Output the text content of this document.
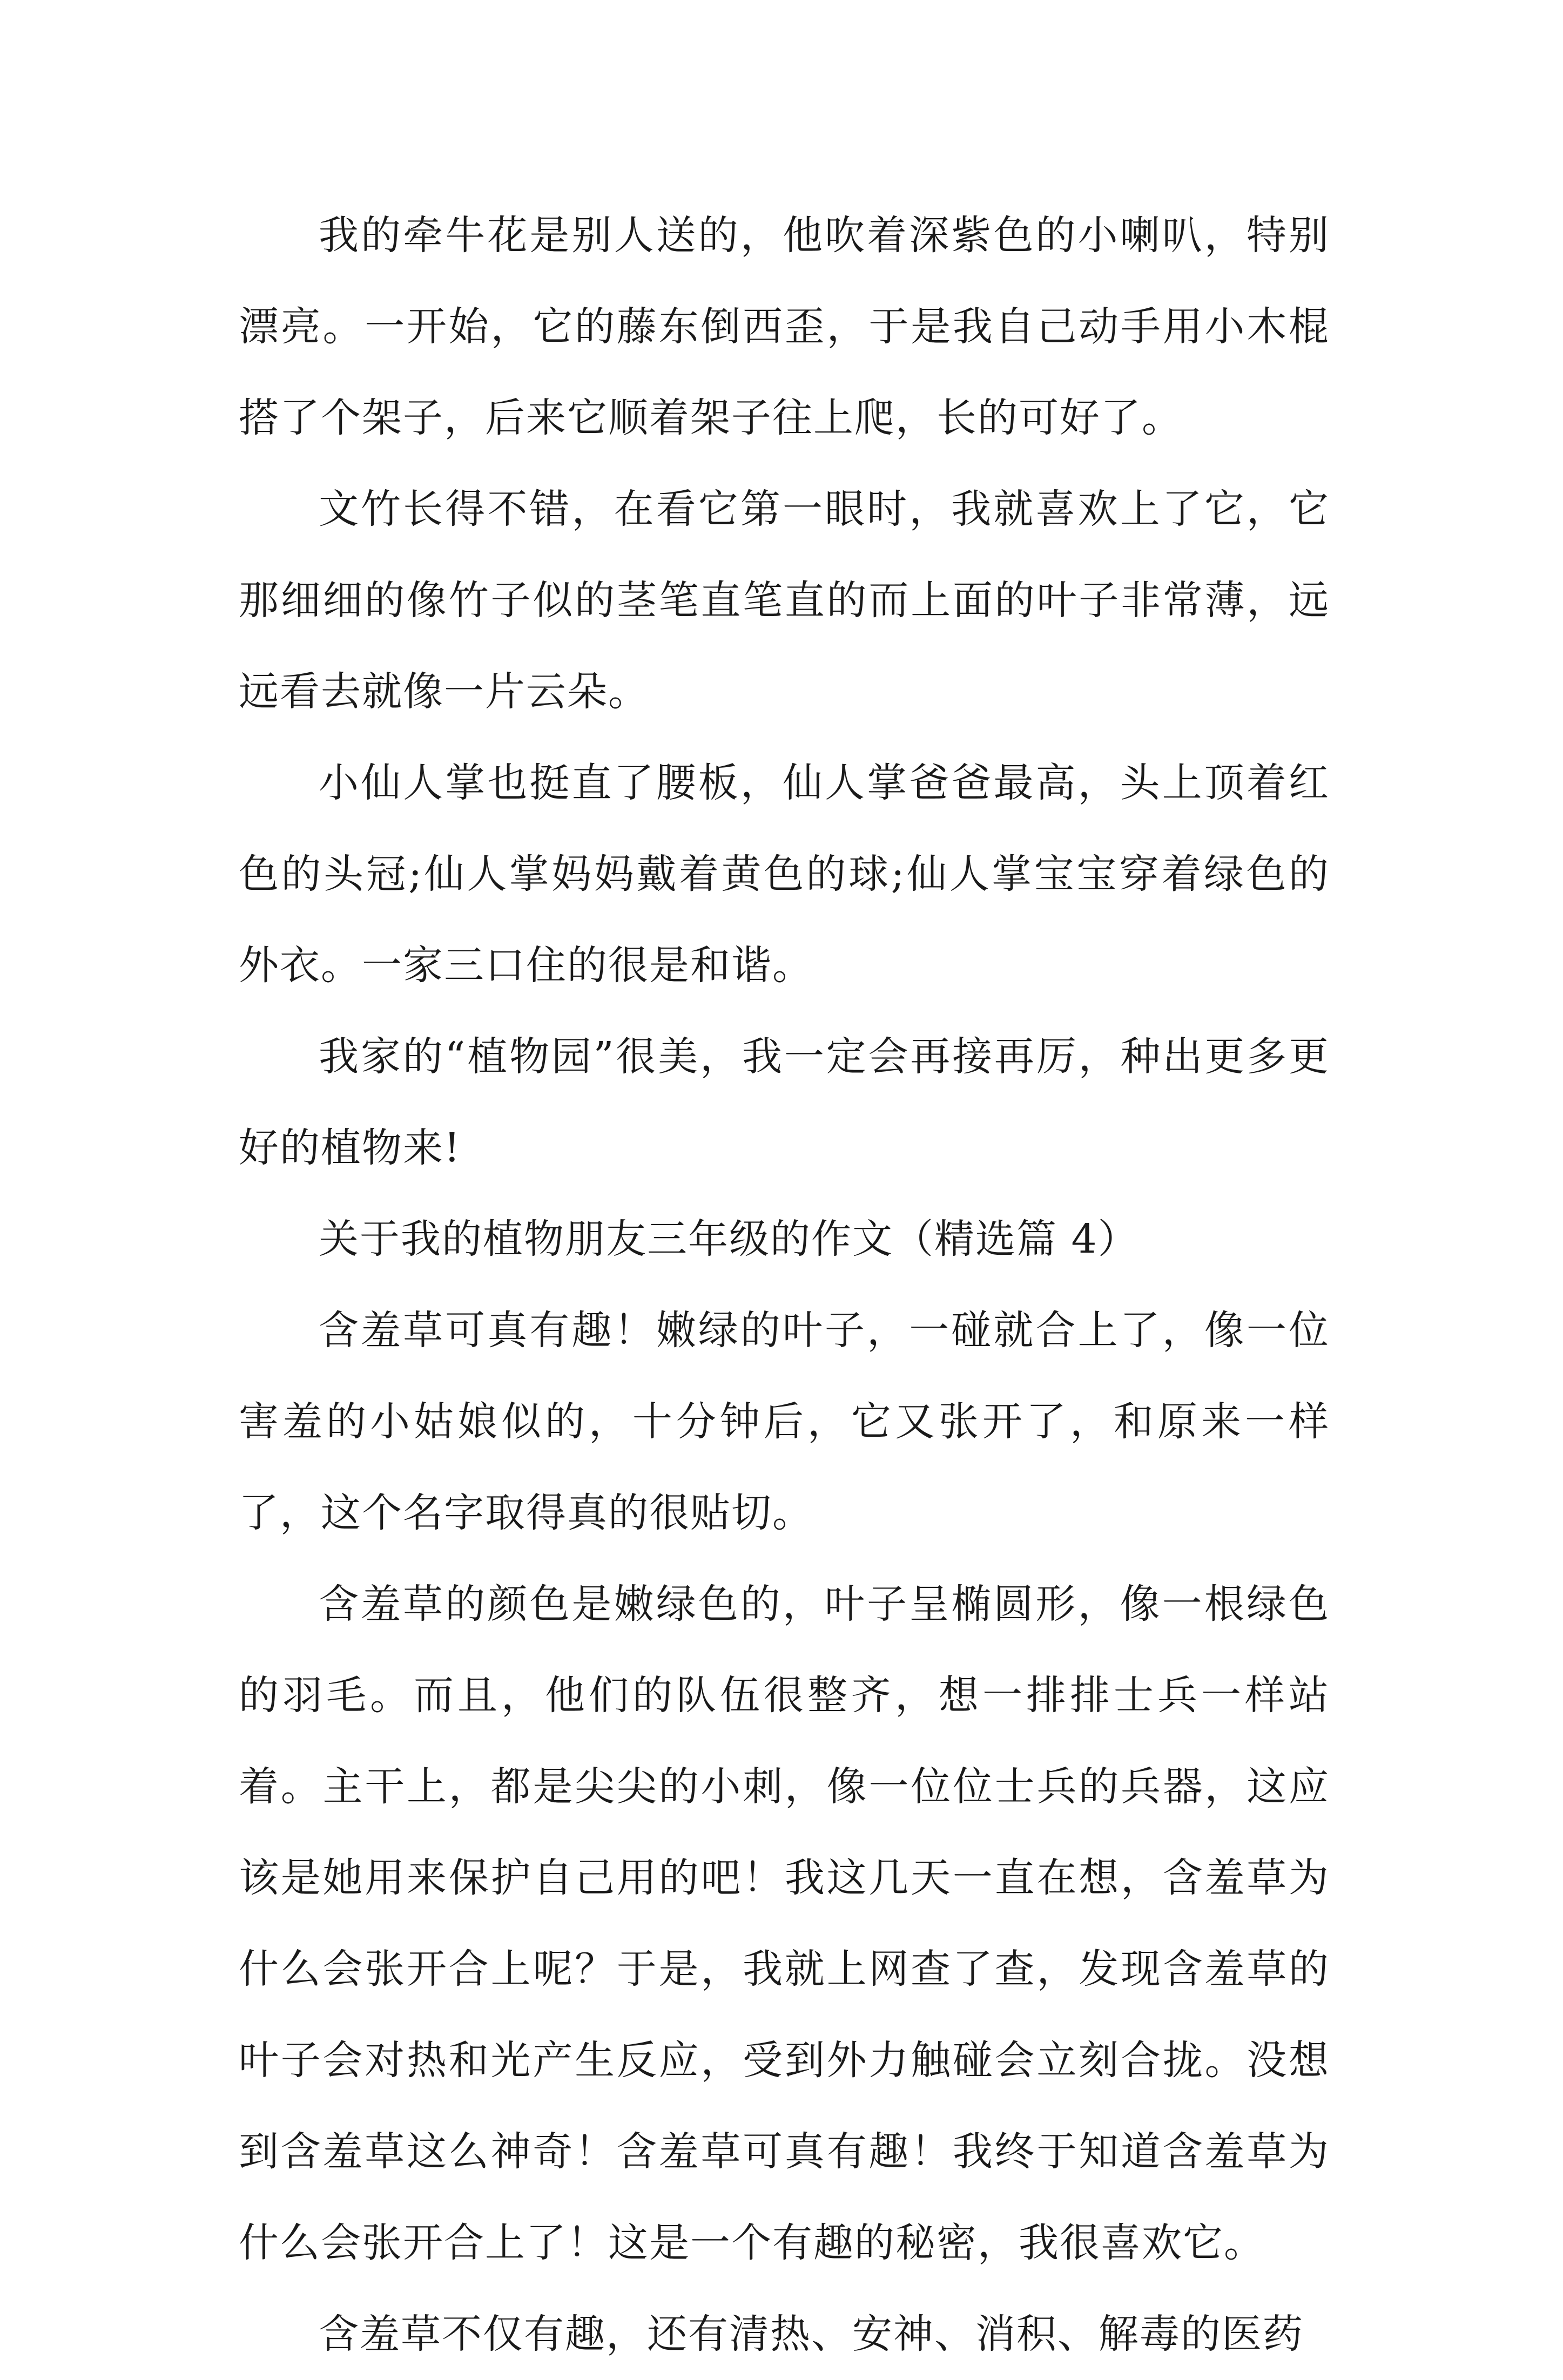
我的牵牛花是别人送的，他吹着深紫色的小喇叭，特别漂亮。一开始，它的藤东倒西歪，于是我自己动手用小木棍搭了个架子，后来它顺着架子往上爬，长的可好了。

文竹长得不错，在看它第一眼时，我就喜欢上了它，它那细细的像竹子似的茎笔直笔直的而上面的叶子非常薄，远远看去就像一片云朵。

小仙人掌也挺直了腰板，仙人掌爸爸最高，头上顶着红色的头冠;仙人掌妈妈戴着黄色的球;仙人掌宝宝穿着绿色的外衣。一家三口住的很是和谐。

我家的“植物园”很美，我一定会再接再厉，种出更多更好的植物来!

关于我的植物朋友三年级的作文（精选篇 4）

含羞草可真有趣！嫩绿的叶子，一碰就合上了，像一位害羞的小姑娘似的，十分钟后，它又张开了，和原来一样了，这个名字取得真的很贴切。

含羞草的颜色是嫩绿色的，叶子呈椭圆形，像一根绿色的羽毛。而且，他们的队伍很整齐，想一排排士兵一样站着。主干上，都是尖尖的小刺，像一位位士兵的兵器，这应该是她用来保护自己用的吧！我这几天一直在想，含羞草为什么会张开合上呢？于是，我就上网查了查，发现含羞草的叶子会对热和光产生反应，受到外力触碰会立刻合拢。没想到含羞草这么神奇！含羞草可真有趣！我终于知道含羞草为什么会张开合上了！这是一个有趣的秘密，我很喜欢它。

含羞草不仅有趣，还有清热、安神、消积、解毒的医药
